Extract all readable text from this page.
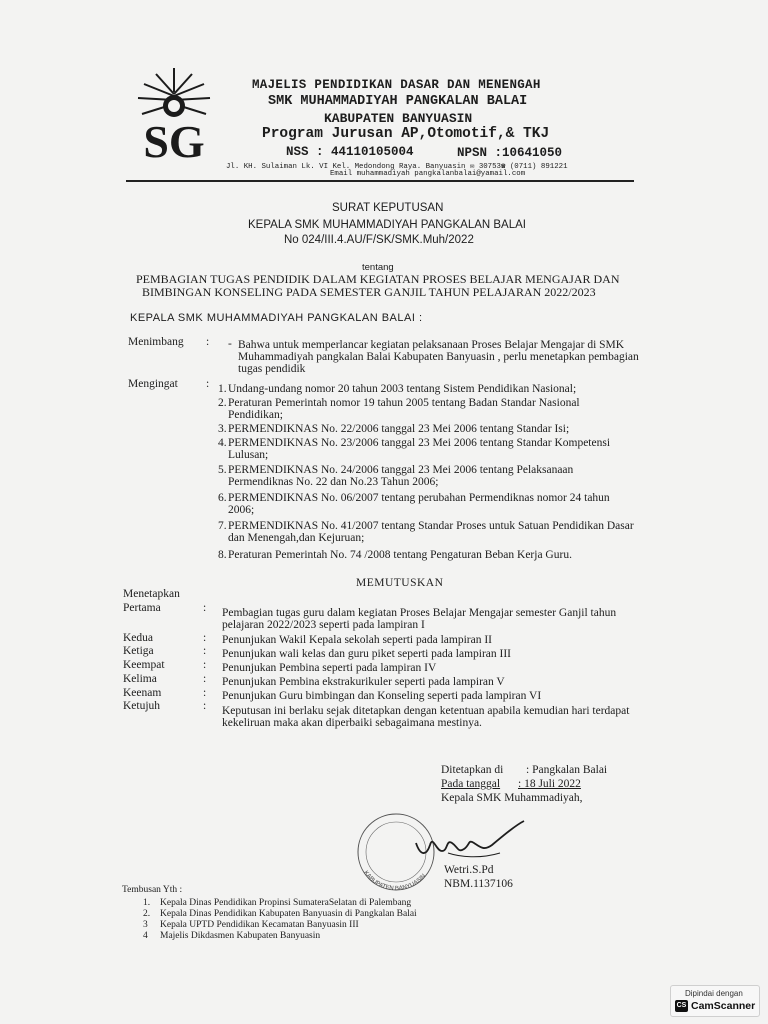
SG
MAJELIS PENDIDIKAN DASAR DAN MENENGAH
SMK MUHAMMADIYAH PANGKALAN BALAI
KABUPATEN BANYUASIN
Program Jurusan AP,Otomotif,& TKJ
NSS : 44110105004	NPSN :10641050
Jl. KH. Sulaiman Lk. VI Kel. Medondong Raya. Banyuasin ✉ 30753☎ (0711) 891221
Email muhammadiyah pangkalanbalai@yamail.com
SURAT KEPUTUSAN
KEPALA SMK MUHAMMADIYAH PANGKALAN BALAI
No 024/III.4.AU/F/SK/SMK.Muh/2022
tentang
PEMBAGIAN TUGAS PENDIDIK DALAM KEGIATAN PROSES BELAJAR MENGAJAR DAN
BIMBINGAN KONSELING PADA SEMESTER GANJIL TAHUN PELAJARAN 2022/2023
KEPALA SMK MUHAMMADIYAH PANGKALAN BALAI :
Menimbang : - Bahwa untuk memperlancar kegiatan pelaksanaan Proses Belajar Mengajar di SMK
Muhammadiyah pangkalan Balai Kabupaten Banyuasin , perlu menetapkan pembagian
tugas pendidik
Mengingat : 1. Undang-undang nomor 20 tahun 2003 tentang Sistem Pendidikan Nasional;
2. Peraturan Pemerintah nomor 19 tahun 2005 tentang Badan Standar Nasional
Pendidikan;
3. PERMENDIKNAS No. 22/2006 tanggal 23 Mei 2006 tentang Standar Isi;
4. PERMENDIKNAS No. 23/2006 tanggal 23 Mei 2006 tentang Standar Kompetensi
Lulusan;
5. PERMENDIKNAS No. 24/2006 tanggal 23 Mei 2006 tentang Pelaksanaan
Permendiknas No. 22 dan No.23 Tahun 2006;
6. PERMENDIKNAS No. 06/2007 tentang perubahan Permendiknas nomor 24 tahun
2006;
7. PERMENDIKNAS No. 41/2007 tentang Standar Proses untuk Satuan Pendidikan Dasar
dan Menengah,dan Kejuruan;
8. Peraturan Pemerintah No. 74 /2008 tentang Pengaturan Beban Kerja Guru.
MEMUTUSKAN
Menetapkan
Pertama	: Pembagian tugas guru dalam kegiatan Proses Belajar Mengajar semester Ganjil tahun
pelajaran 2022/2023 seperti pada lampiran I
Kedua	: Penunjukan Wakil Kepala sekolah seperti pada lampiran II
Ketiga	: Penunjukan wali kelas dan guru piket seperti pada lampiran III
Keempat	: Penunjukan Pembina seperti pada lampiran IV
Kelima	: Penunjukan Pembina ekstrakurikuler seperti pada lampiran V
Keenam	: Penunjukan Guru bimbingan dan Konseling seperti pada lampiran VI
Ketujuh	: Keputusan ini berlaku sejak ditetapkan dengan ketentuan apabila kemudian hari terdapat
kekeliruan maka akan diperbaiki sebagaimana mestinya.
Ditetapkan di : Pangkalan Balai
Pada tanggal : 18 Juli 2022
Kepala SMK Muhammadiyah,
KABUPATEN BANYUASIN
Wetri.S.Pd
NBM.1137106
Tembusan Yth :
1. Kepala Dinas Pendidikan Propinsi SumateraSelatan di Palembang
2. Kepala Dinas Pendidikan Kabupaten Banyuasin di Pangkalan Balai
3 Kepala UPTD Pendidikan Kecamatan Banyuasin III
4 Majelis Dikdasmen Kabupaten Banyuasin
Dipindai dengan
CS CamScanner
